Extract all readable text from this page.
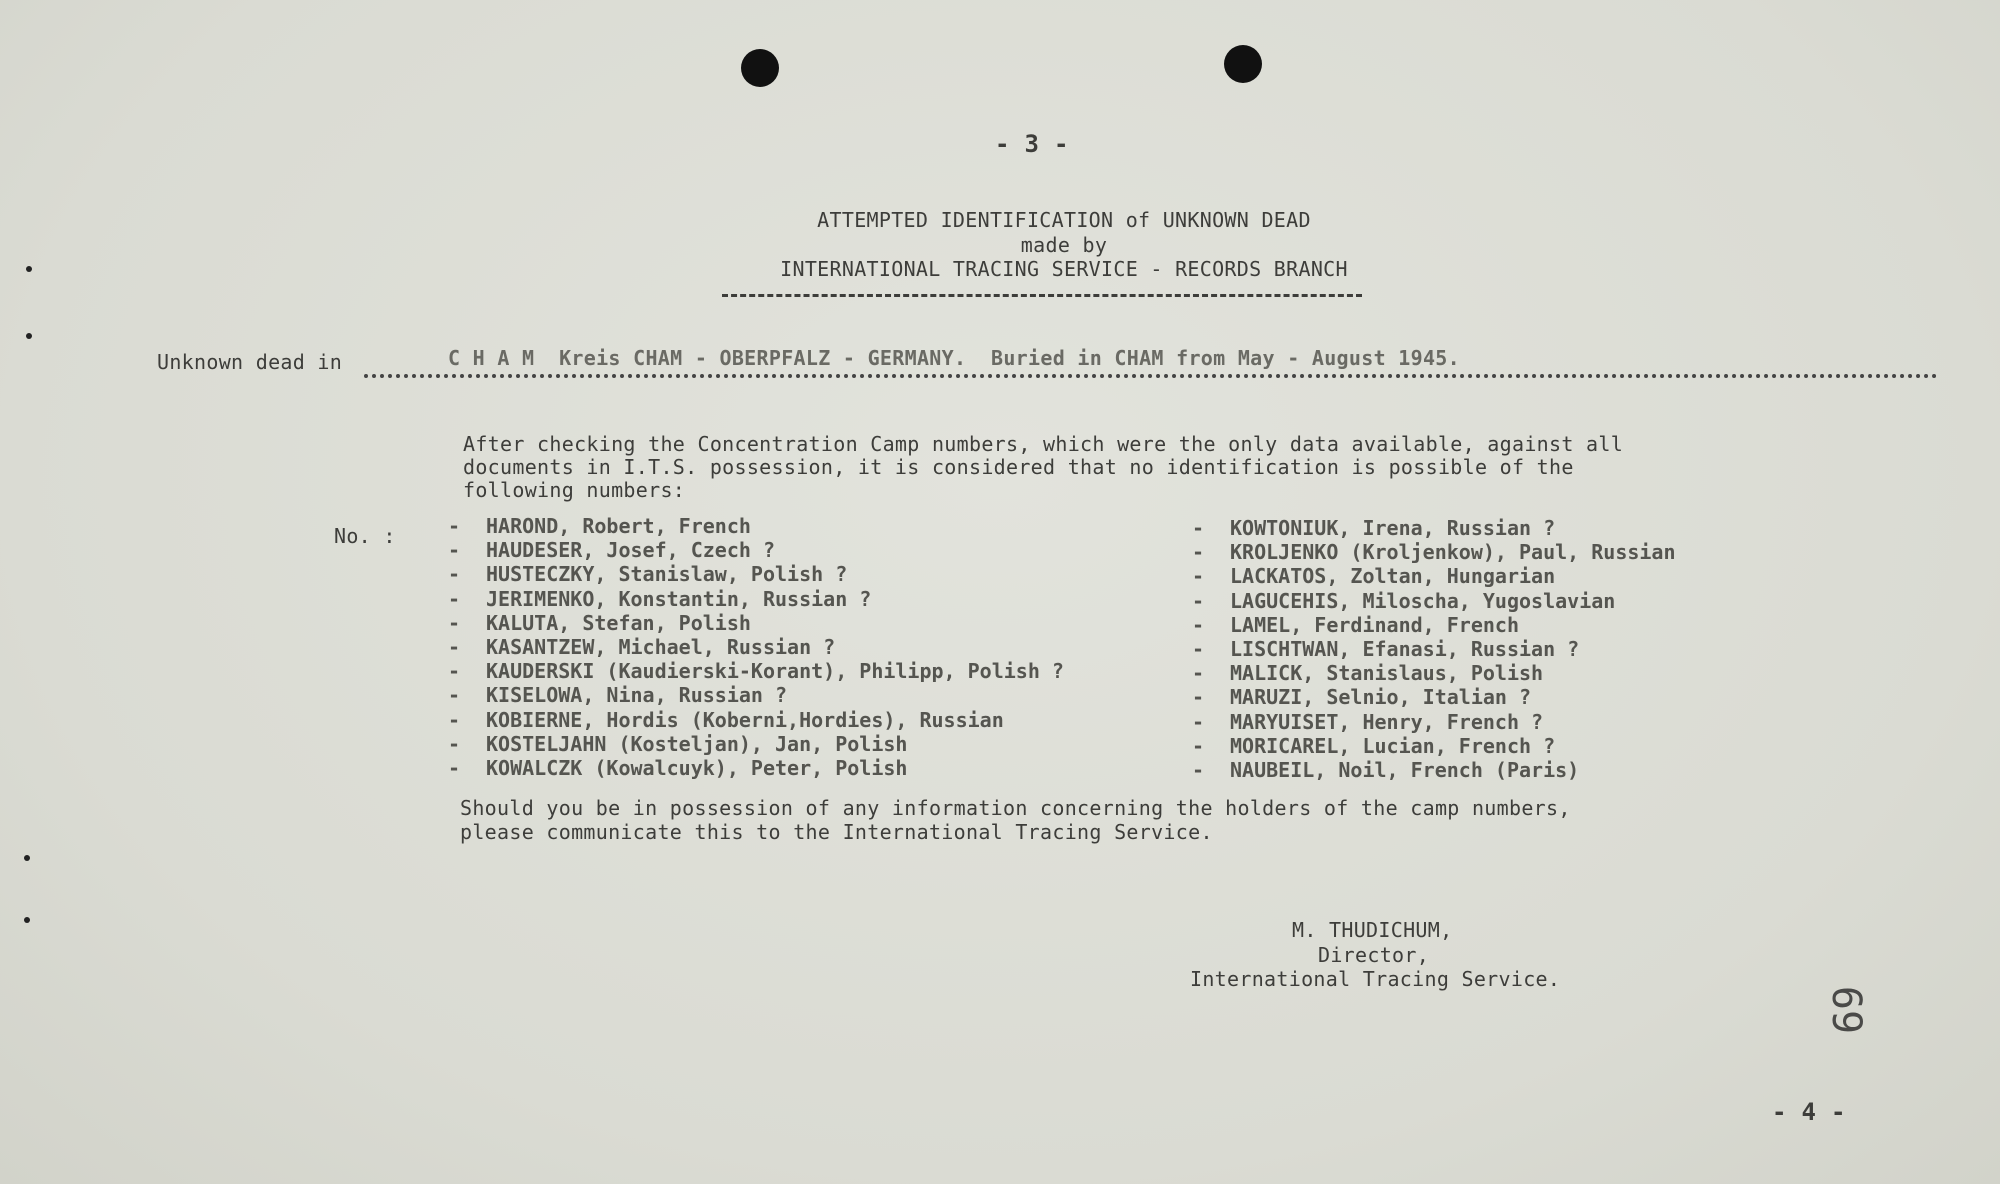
- 3 -
ATTEMPTED IDENTIFICATION of UNKNOWN DEAD
made by
INTERNATIONAL TRACING SERVICE - RECORDS BRANCH
Unknown dead in	C H A M  Kreis CHAM - OBERPFALZ - GERMANY.  Buried in CHAM from May - August 1945.
After checking the Concentration Camp numbers, which were the only data available, against all
documents in I.T.S. possession, it is considered that no identification is possible of the
following numbers:
No. :	-	HAROND, Robert, French
-	HAUDESER, Josef, Czech ?
-	HUSTECZKY, Stanislaw, Polish ?
-	JERIMENKO, Konstantin, Russian ?
-	KALUTA, Stefan, Polish
-	KASANTZEW, Michael, Russian ?
-	KAUDERSKI (Kaudierski-Korant), Philipp, Polish ?
-	KISELOWA, Nina, Russian ?
-	KOBIERNE, Hordis (Koberni,Hordies), Russian
-	KOSTELJAHN (Kosteljan), Jan, Polish
-	KOWALCZK (Kowalcuyk), Peter, Polish
-	KOWTONIUK, Irena, Russian ?
-	KROLJENKO (Kroljenkow), Paul, Russian
-	LACKATOS, Zoltan, Hungarian
-	LAGUCEHIS, Miloscha, Yugoslavian
-	LAMEL, Ferdinand, French
-	LISCHTWAN, Efanasi, Russian ?
-	MALICK, Stanislaus, Polish
-	MARUZI, Selnio, Italian ?
-	MARYUISET, Henry, French ?
-	MORICAREL, Lucian, French ?
-	NAUBEIL, Noil, French (Paris)
Should you be in possession of any information concerning the holders of the camp numbers,
please communicate this to the International Tracing Service.
M. THUDICHUM,
Director,
International Tracing Service.
69
- 4 -
